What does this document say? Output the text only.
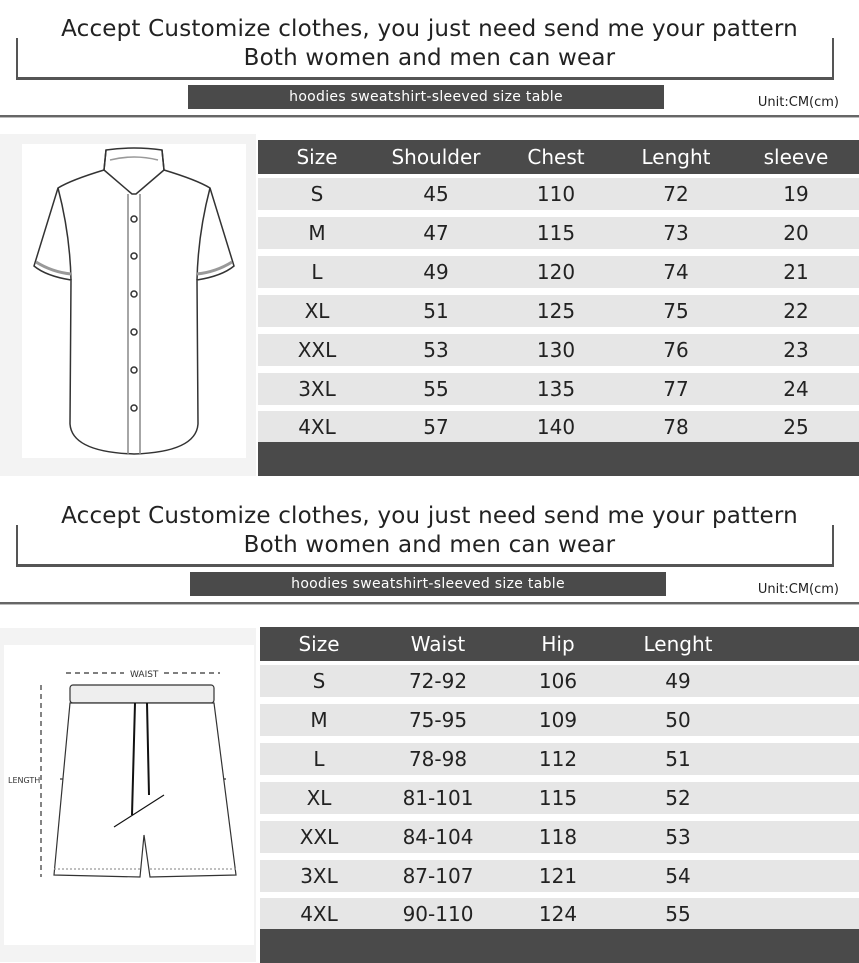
Accept Customize clothes, you just need send me your pattern
Both women and men can wear
hoodies sweatshirt-sleeved size table	Unit:CM(cm)
Size	Shoulder	Chest	Lenght	sleeve
S	45	110	72	19
M	47	115	73	20
L	49	120	74	21
XL	51	125	75	22
XXL	53	130	76	23
3XL	55	135	77	24
4XL	57	140	78	25
Accept Customize clothes, you just need send me your pattern
Both women and men can wear
hoodies sweatshirt-sleeved size table	Unit:CM(cm)
WAIST
LENGTH
Size	Waist	Hip	Lenght
S	72-92	106	49
M	75-95	109	50
L	78-98	112	51
XL	81-101	115	52
XXL	84-104	118	53
3XL	87-107	121	54
4XL	90-110	124	55
